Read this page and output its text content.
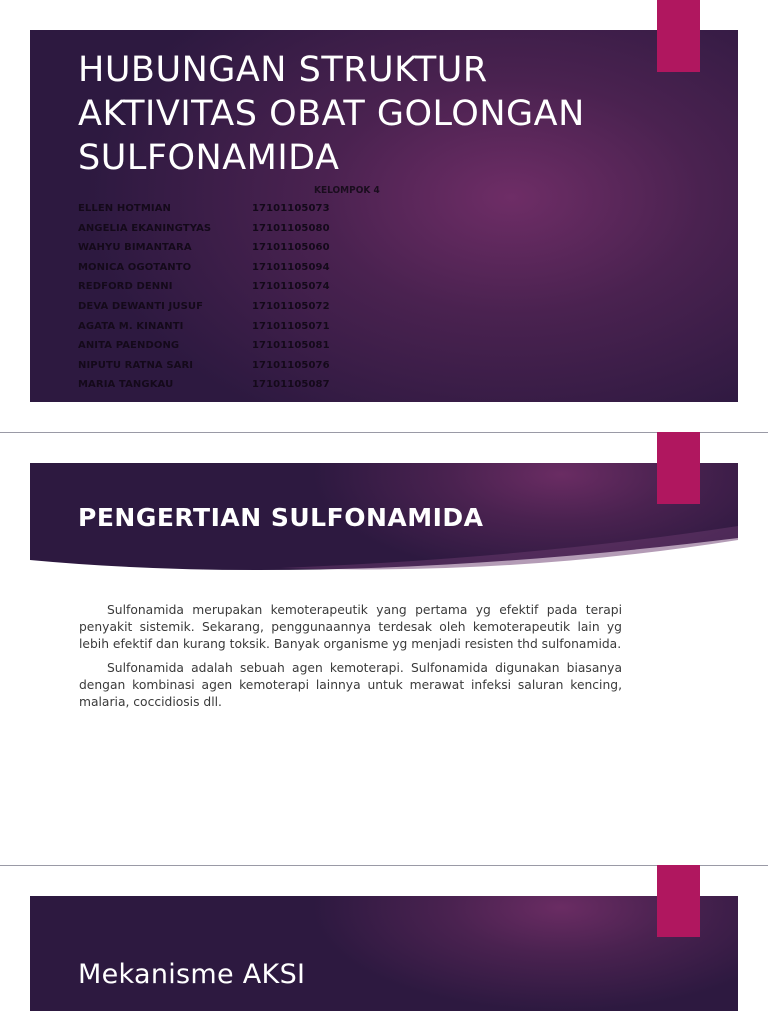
HUBUNGAN STRUKTUR AKTIVITAS OBAT GOLONGAN SULFONAMIDA
KELOMPOK 4
ELLEN HOTMIAN	17101105073
ANGELIA EKANINGTYAS	17101105080
WAHYU BIMANTARA	17101105060
MONICA OGOTANTO	17101105094
REDFORD DENNI	17101105074
DEVA DEWANTI JUSUF	17101105072
AGATA M. KINANTI	17101105071
ANITA PAENDONG	17101105081
NIPUTU RATNA SARI	17101105076
MARIA TANGKAU	17101105087
PENGERTIAN SULFONAMIDA

Sulfonamida merupakan kemoterapeutik yang pertama yg efektif pada terapi penyakit sistemik. Sekarang, penggunaannya terdesak oleh kemoterapeutik lain yg lebih efektif dan kurang toksik. Banyak organisme yg menjadi resisten thd sulfonamida.

Sulfonamida adalah sebuah agen kemoterapi. Sulfonamida digunakan biasanya dengan kombinasi agen kemoterapi lainnya untuk merawat infeksi saluran kencing, malaria, coccidiosis dll.

Mekanisme AKSI
